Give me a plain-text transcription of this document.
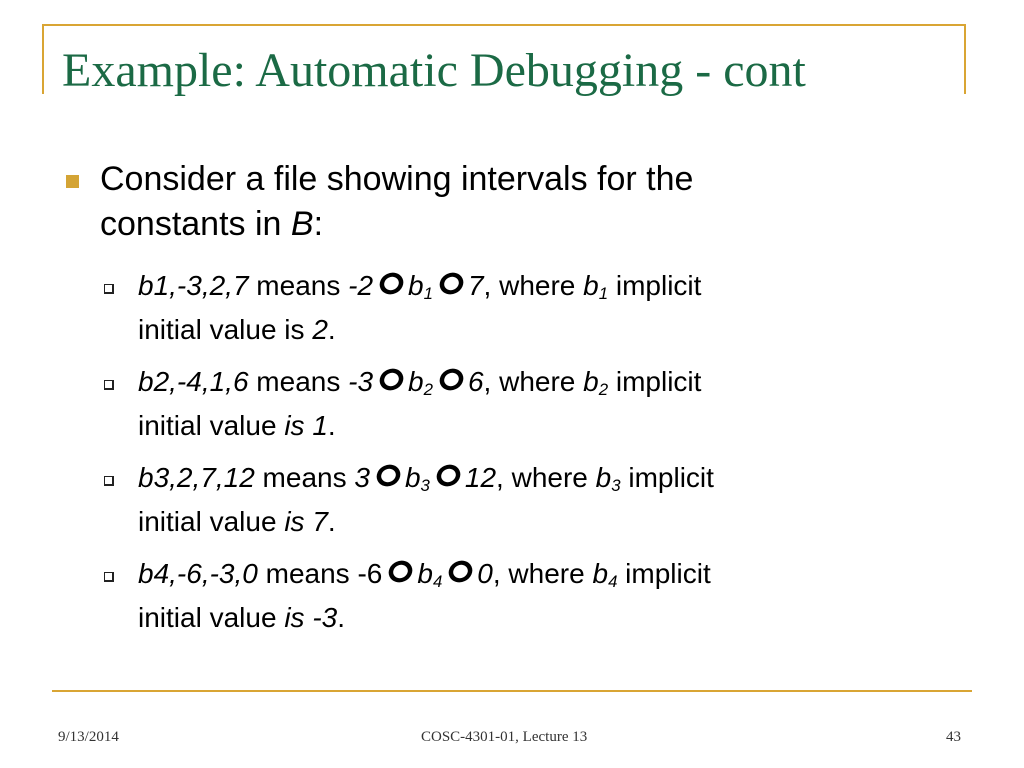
Example: Automatic Debugging - cont
Consider a file showing intervals for the
constants in B:
b1,-3,2,7 means -2 $b_1$ 7, where $b_1$ implicit
initial value is 2.
b2,-4,1,6 means -3 $b_2$ 6, where $b_2$ implicit
initial value is 1.
b3,2,7,12 means 3 $b_3$ 12, where $b_3$ implicit
initial value is 7.
b4,-6,-3,0 means -6 $b_4$ 0, where $b_4$ implicit
initial value is -3.
9/13/2014	COSC-4301-01, Lecture 13	43
